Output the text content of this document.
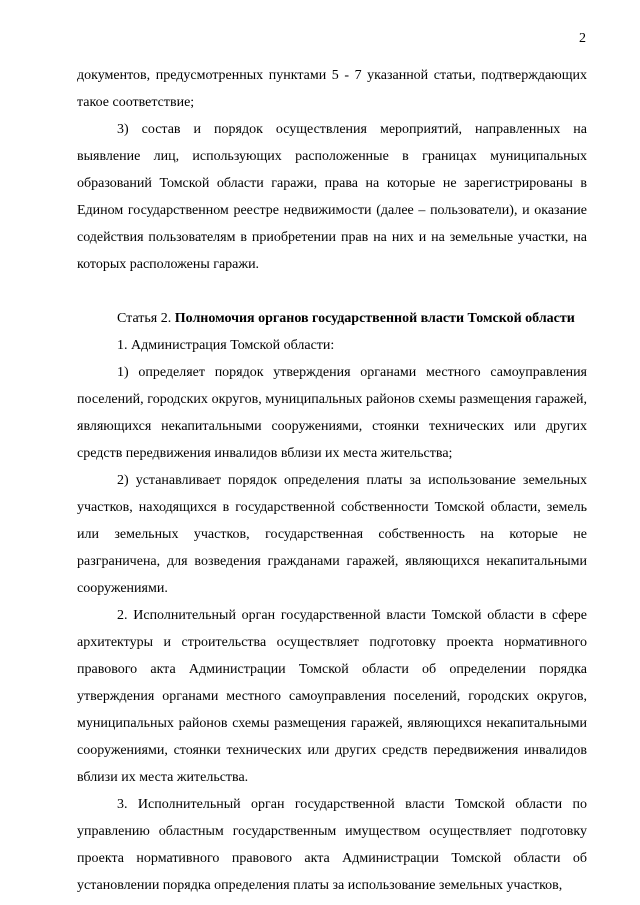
2

документов, предусмотренных пунктами 5 - 7 указанной статьи, подтверждающих такое соответствие;

3) состав и порядок осуществления мероприятий, направленных на выявление лиц, использующих расположенные в границах муниципальных образований Томской области гаражи, права на которые не зарегистрированы в Едином государственном реестре недвижимости (далее – пользователи), и оказание содействия пользователям в приобретении прав на них и на земельные участки, на которых расположены гаражи.

Статья 2. Полномочия органов государственной власти Томской области

1. Администрация Томской области:

1) определяет порядок утверждения органами местного самоуправления поселений, городских округов, муниципальных районов схемы размещения гаражей, являющихся некапитальными сооружениями, стоянки технических или других средств передвижения инвалидов вблизи их места жительства;

2) устанавливает порядок определения платы за использование земельных участков, находящихся в государственной собственности Томской области, земель или земельных участков, государственная собственность на которые не разграничена, для возведения гражданами гаражей, являющихся некапитальными сооружениями.

2. Исполнительный орган государственной власти Томской области в сфере архитектуры и строительства осуществляет подготовку проекта нормативного правового акта Администрации Томской области об определении порядка утверждения органами местного самоуправления поселений, городских округов, муниципальных районов схемы размещения гаражей, являющихся некапитальными сооружениями, стоянки технических или других средств передвижения инвалидов вблизи их места жительства.

3. Исполнительный орган государственной власти Томской области по управлению областным государственным имуществом осуществляет подготовку проекта нормативного правового акта Администрации Томской области об установлении порядка определения платы за использование земельных участков,
